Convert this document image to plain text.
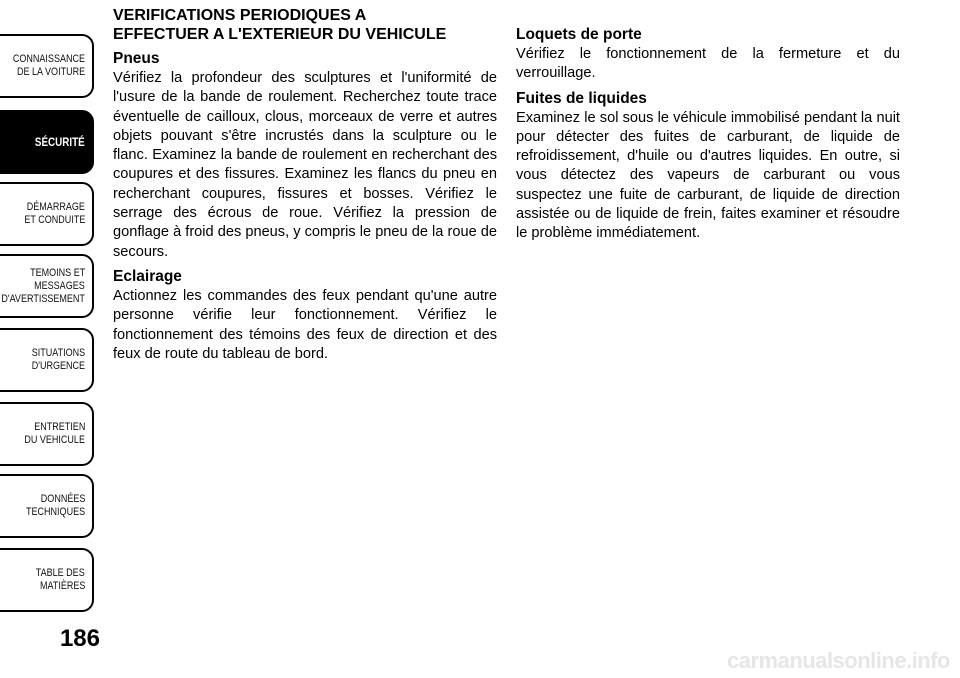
CONNAISSANCE
DE LA VOITURE
SÉCURITÉ
DÉMARRAGE
ET CONDUITE
TEMOINS ET
MESSAGES
D'AVERTISSEMENT
SITUATIONS
D'URGENCE
ENTRETIEN
DU VEHICULE
DONNÉES
TECHNIQUES
TABLE DES
MATIÈRES
186
VERIFICATIONS PERIODIQUES A
EFFECTUER A L'EXTERIEUR DU VEHICULE
Pneus

Vérifiez la profondeur des sculptures et l'uniformité de l'usure de la bande de roulement. Recherchez toute trace éventuelle de cailloux, clous, morceaux de verre et autres objets pouvant s'être incrustés dans la sculpture ou le flanc. Examinez la bande de roulement en recherchant des coupures et des fissures. Examinez les flancs du pneu en recherchant coupures, fissures et bosses. Vérifiez le serrage des écrous de roue. Vérifiez la pression de gonflage à froid des pneus, y compris le pneu de la roue de secours.

Eclairage

Actionnez les commandes des feux pendant qu'une autre personne vérifie leur fonctionnement. Vérifiez le fonctionnement des témoins des feux de direction et des feux de route du tableau de bord.

Loquets de porte

Vérifiez le fonctionnement de la fermeture et du verrouillage.

Fuites de liquides

Examinez le sol sous le véhicule immobilisé pendant la nuit pour détecter des fuites de carburant, de liquide de refroidissement, d'huile ou d'autres liquides. En outre, si vous détectez des vapeurs de carburant ou vous suspectez une fuite de carburant, de liquide de direction assistée ou de liquide de frein, faites examiner et résoudre le problème immédiatement.

carmanualsonline.info
